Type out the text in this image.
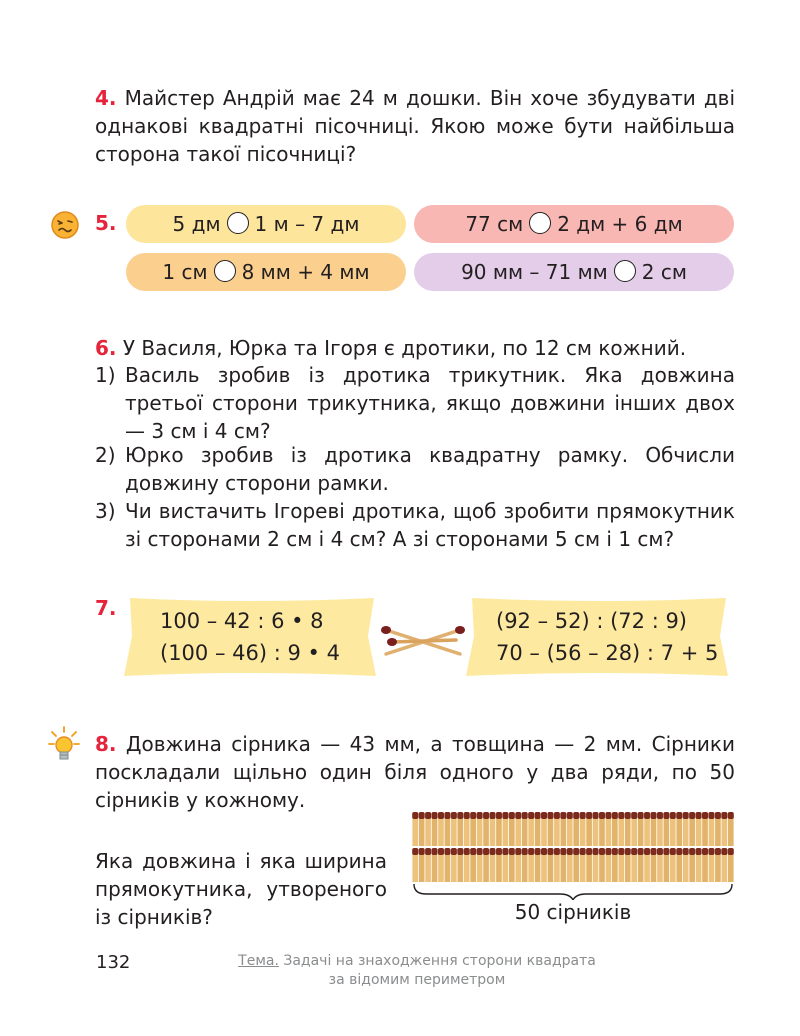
4. Майстер Андрій має 24 м дошки. Він хоче збудувати дві однакові квадратні пісочниці. Якою може бути найбільша сторона такої пісочниці?
5.	5 дм 1 м – 7 дм	77 см 2 дм + 6 дм
1 см 8 мм + 4 мм	90 мм – 71 мм 2 см
6. У Василя, Юрка та Ігоря є дротики, по 12 см кожний.
1) Василь зробив із дротика трикутник. Яка довжина третьої сторони трикутника, якщо довжини інших двох — 3 см і 4 см?
2) Юрко зробив із дротика квадратну рамку. Обчисли довжину сторони рамки.
3) Чи вистачить Ігореві дротика, щоб зробити прямокутник зі сторонами 2 см і 4 см? А зі сторонами 5 см і 1 см?
7.
100 – 42 : 6 • 8
(100 – 46) : 9 • 4
(92 – 52) : (72 : 9)
70 – (56 – 28) : 7 + 5
8. Довжина сірника — 43 мм, а товщина — 2 мм. Сірники поскладали щільно один біля одного у два ряди, по 50 сірників у кожному.
Яка довжина і яка ширина прямокутника, утвореного із сірників?	50 сірників
132	Тема. Задачі на знаходження сторони квадрата
за відомим периметром
